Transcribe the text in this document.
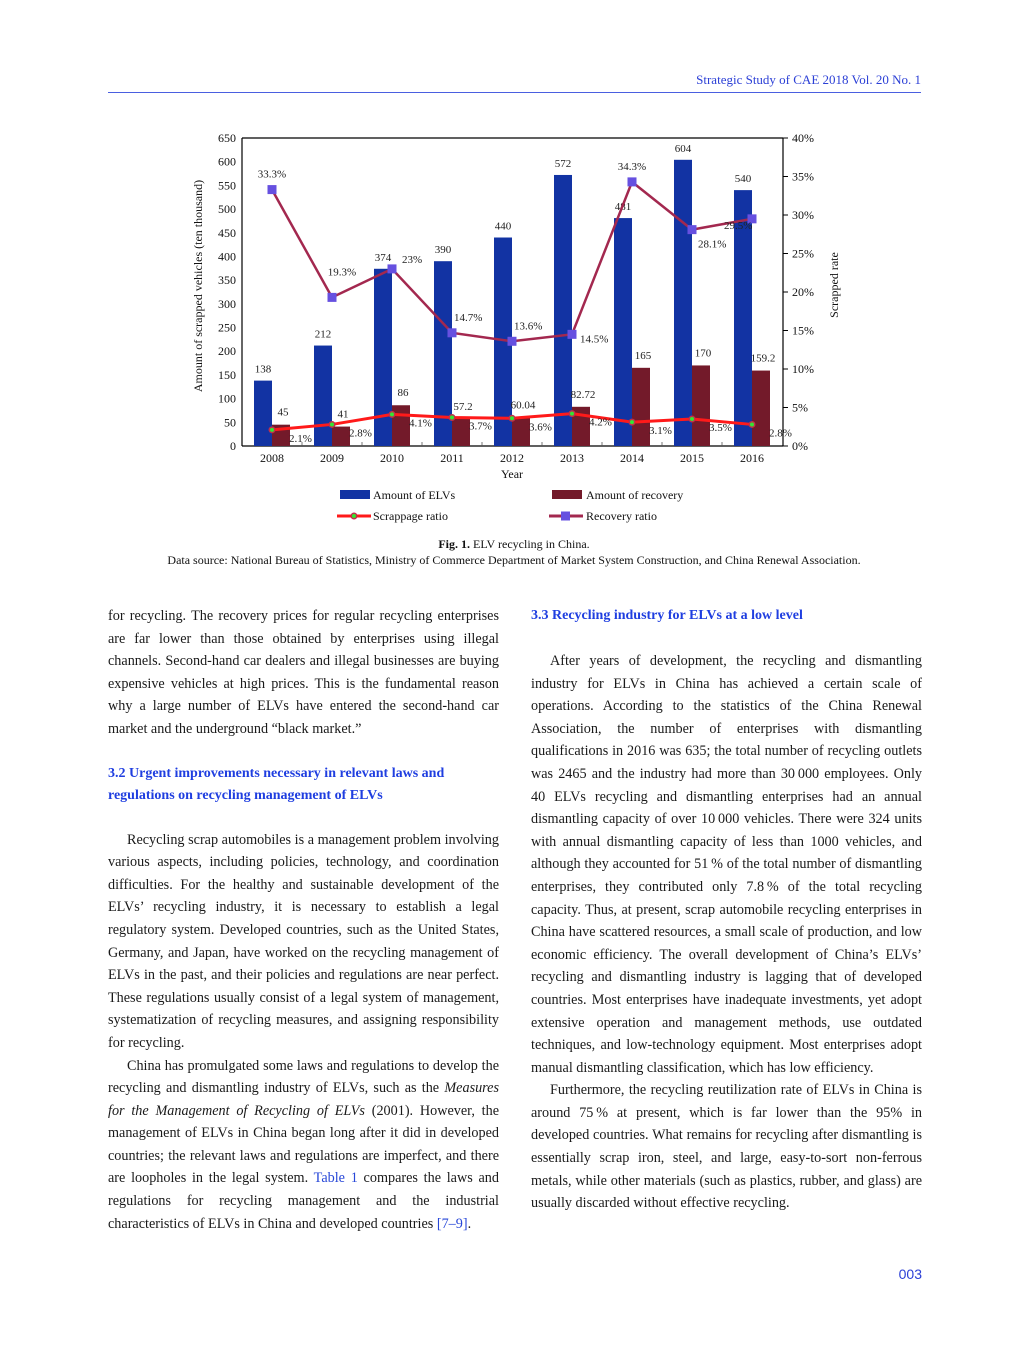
Strategic Study of CAE 2018 Vol. 20 No. 1
0
50
100
150
200
250
300
350
400
450
500
550
600
650
0%
5%
10%
15%
20%
25%
30%
35%
40%
2008	2009	2010	2011	2012	2013	2014	2015	2016
Year
Amount of scrapped vehicles (ten thousand)	Scrapped rate
138
212
374
390
440
572
481
604
540
45	41
86
57.2	60.04
82.72
165	170	159.2
33.3%
19.3%
23%
14.7%
13.6%
14.5%
34.3%
28.1%
29.5%
2.1%	2.8%
4.1%	3.7%	3.6%	4.2%
3.1%	3.5%	2.8%
Amount of ELVs	Amount of recovery
Scrappage ratio	Recovery ratio
Fig. 1. ELV recycling in China.
Data source: National Bureau of Statistics, Ministry of Commerce Department of Market System Construction, and China Renewal Association.

for recycling. The recovery prices for regular recycling enterprises are far lower than those obtained by enterprises using illegal channels. Second-hand car dealers and illegal businesses are buying expensive vehicles at high prices. This is the fundamental reason why a large number of ELVs have entered the second-hand car market and the underground “black market.”

3.2 Urgent improvements necessary in relevant laws and regulations on recycling management of ELVs

Recycling scrap automobiles is a management problem involving various aspects, including policies, technology, and coordination difficulties. For the healthy and sustainable development of the ELVs’ recycling industry, it is necessary to establish a legal regulatory system. Developed countries, such as the United States, Germany, and Japan, have worked on the recycling management of ELVs in the past, and their policies and regulations are near perfect. These regulations usually consist of a legal system of management, systematization of recycling measures, and assigning responsibility for recycling.

China has promulgated some laws and regulations to develop the recycling and dismantling industry of ELVs, such as the Measures for the Management of Recycling of ELVs (2001). However, the management of ELVs in China began long after it did in developed countries; the relevant laws and regulations are imperfect, and there are loopholes in the legal system. Table 1 compares the laws and regulations for recycling management and the industrial characteristics of ELVs in China and developed countries [7–9].

3.3 Recycling industry for ELVs at a low level

After years of development, the recycling and dismantling industry for ELVs in China has achieved a certain scale of operations. According to the statistics of the China Renewal Association, the number of enterprises with dismantling qualifications in 2016 was 635; the total number of recycling outlets was 2465 and the industry had more than 30 000 employees. Only 40 ELVs recycling and dismantling enterprises had an annual dismantling capacity of over 10 000 vehicles. There were 324 units with annual dismantling capacity of less than 1000 vehicles, and although they accounted for 51 % of the total number of dismantling enterprises, they contributed only 7.8 % of the total recycling capacity. Thus, at present, scrap automobile recycling enterprises in China have scattered resources, a small scale of production, and low economic efficiency. The overall development of China’s ELVs’ recycling and dismantling industry is lagging that of developed countries. Most enterprises have inadequate investments, yet adopt extensive operation and management methods, use outdated techniques, and low-technology equipment. Most enterprises adopt manual dismantling classification, which has low efficiency.

Furthermore, the recycling reutilization rate of ELVs in China is around 75 % at present, which is far lower than the 95% in developed countries. What remains for recycling after dismantling is essentially scrap iron, steel, and large, easy-to-sort non-ferrous metals, while other materials (such as plastics, rubber, and glass) are usually discarded without effective recycling.

003
